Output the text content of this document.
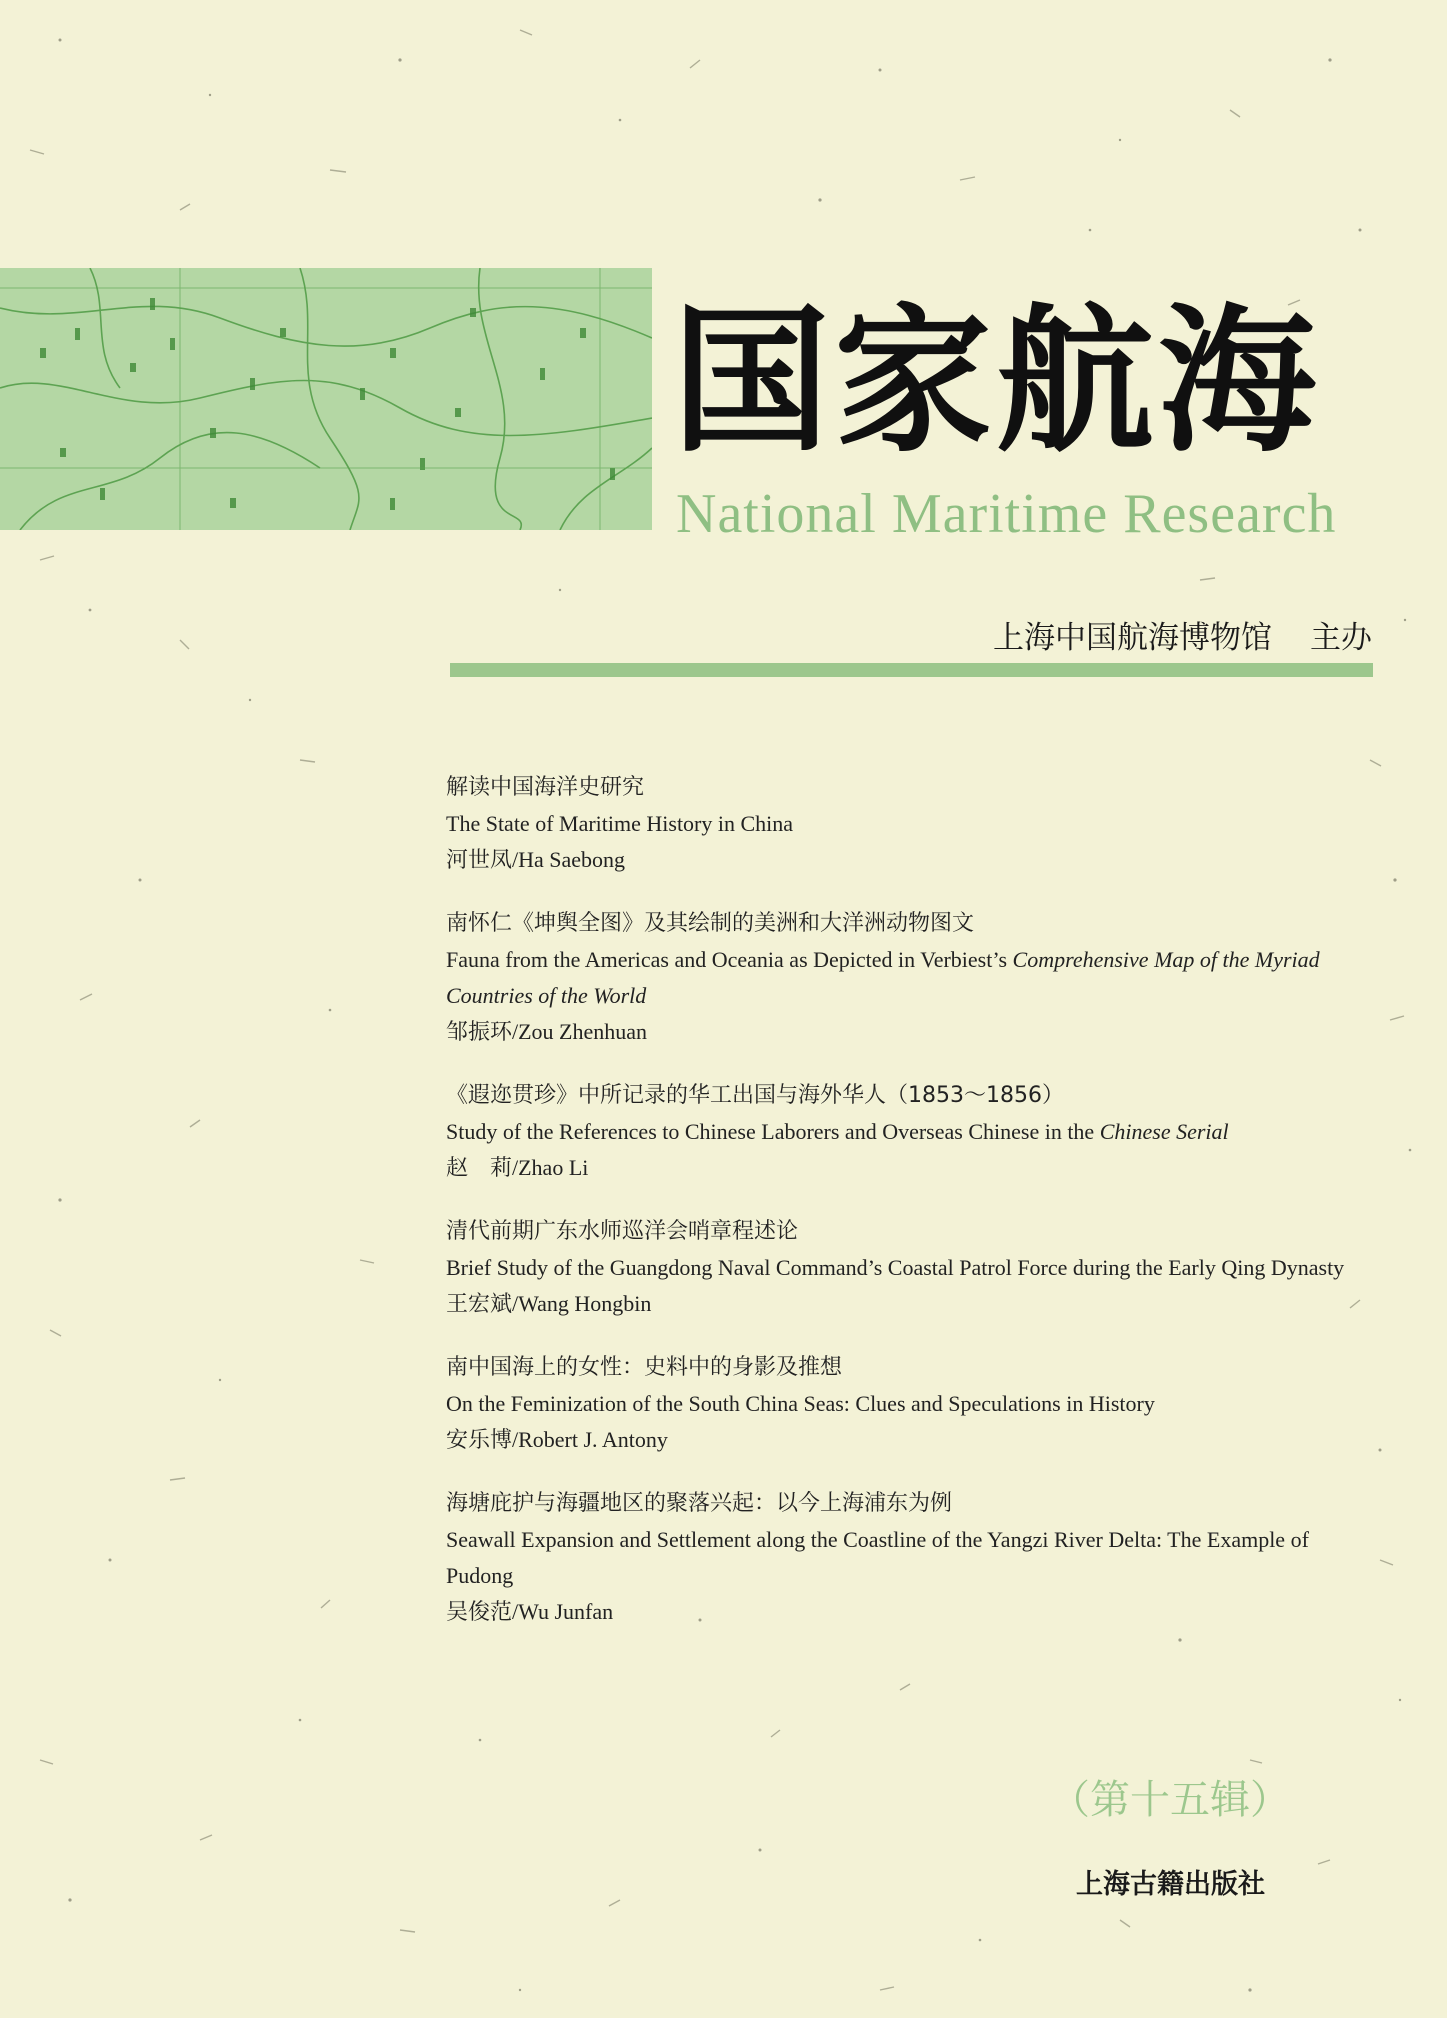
国家航海
National Maritime Research
上海中国航海博物馆 主办
解读中国海洋史研究
The State of Maritime History in China
河世凤/Ha Saebong
南怀仁《坤舆全图》及其绘制的美洲和大洋洲动物图文
Fauna from the Americas and Oceania as Depicted in Verbiest’s Comprehensive Map of the Myriad Countries of the World
邹振环/Zou Zhenhuan
《遐迩贯珍》中所记录的华工出国与海外华人（1853～1856）
Study of the References to Chinese Laborers and Overseas Chinese in the Chinese Serial
赵　莉/Zhao Li
清代前期广东水师巡洋会哨章程述论
Brief Study of the Guangdong Naval Command’s Coastal Patrol Force during the Early Qing Dynasty
王宏斌/Wang Hongbin
南中国海上的女性：史料中的身影及推想
On the Feminization of the South China Seas: Clues and Speculations in History
安乐博/Robert J. Antony
海塘庇护与海疆地区的聚落兴起：以今上海浦东为例
Seawall Expansion and Settlement along the Coastline of the Yangzi River Delta: The Example of Pudong
吴俊范/Wu Junfan
（第十五辑）
上海古籍出版社
